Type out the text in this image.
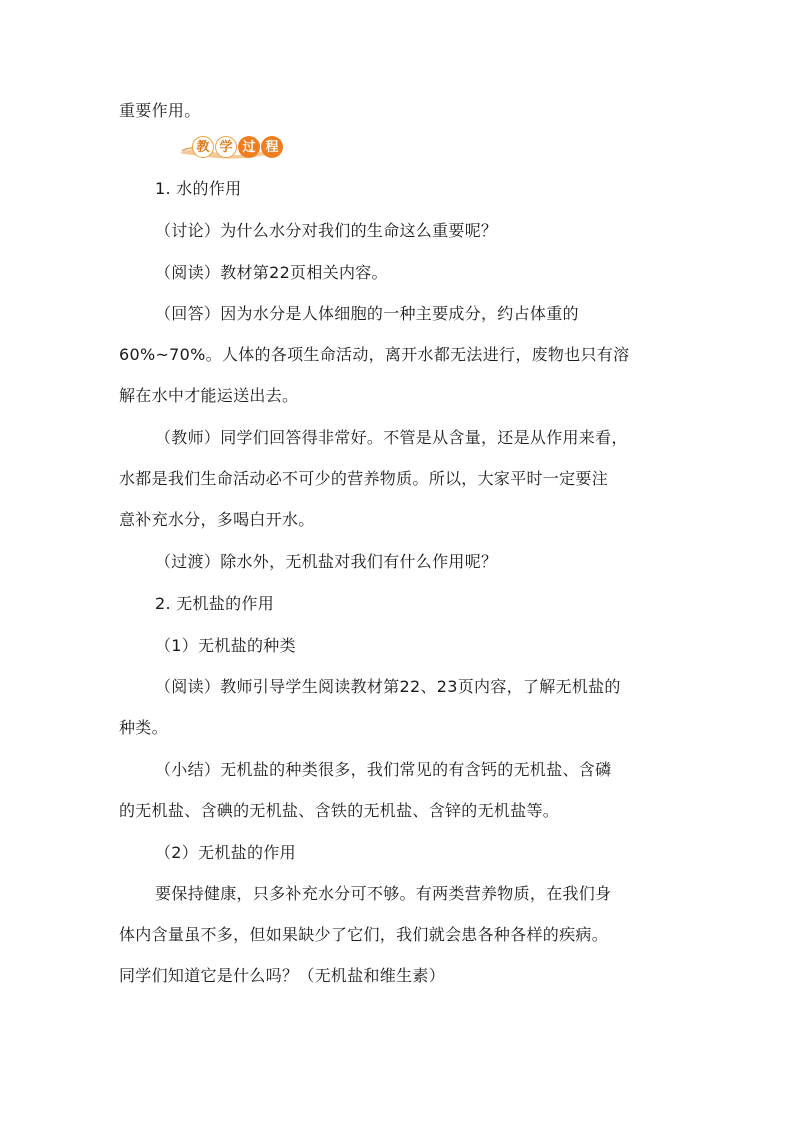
重要作用。
教 学 过 程
1. 水的作用
（讨论）为什么水分对我们的生命这么重要呢？
（阅读）教材第22页相关内容。
（回答）因为水分是人体细胞的一种主要成分，约占体重的
60%~70%。人体的各项生命活动，离开水都无法进行，废物也只有溶
解在水中才能运送出去。
（教师）同学们回答得非常好。不管是从含量，还是从作用来看，
水都是我们生命活动必不可少的营养物质。所以，大家平时一定要注
意补充水分，多喝白开水。
（过渡）除水外，无机盐对我们有什么作用呢？
2. 无机盐的作用
（1）无机盐的种类
（阅读）教师引导学生阅读教材第22、23页内容，了解无机盐的
种类。
（小结）无机盐的种类很多，我们常见的有含钙的无机盐、含磷
的无机盐、含碘的无机盐、含铁的无机盐、含锌的无机盐等。
（2）无机盐的作用
要保持健康，只多补充水分可不够。有两类营养物质，在我们身
体内含量虽不多，但如果缺少了它们，我们就会患各种各样的疾病。
同学们知道它是什么吗？（无机盐和维生素）
